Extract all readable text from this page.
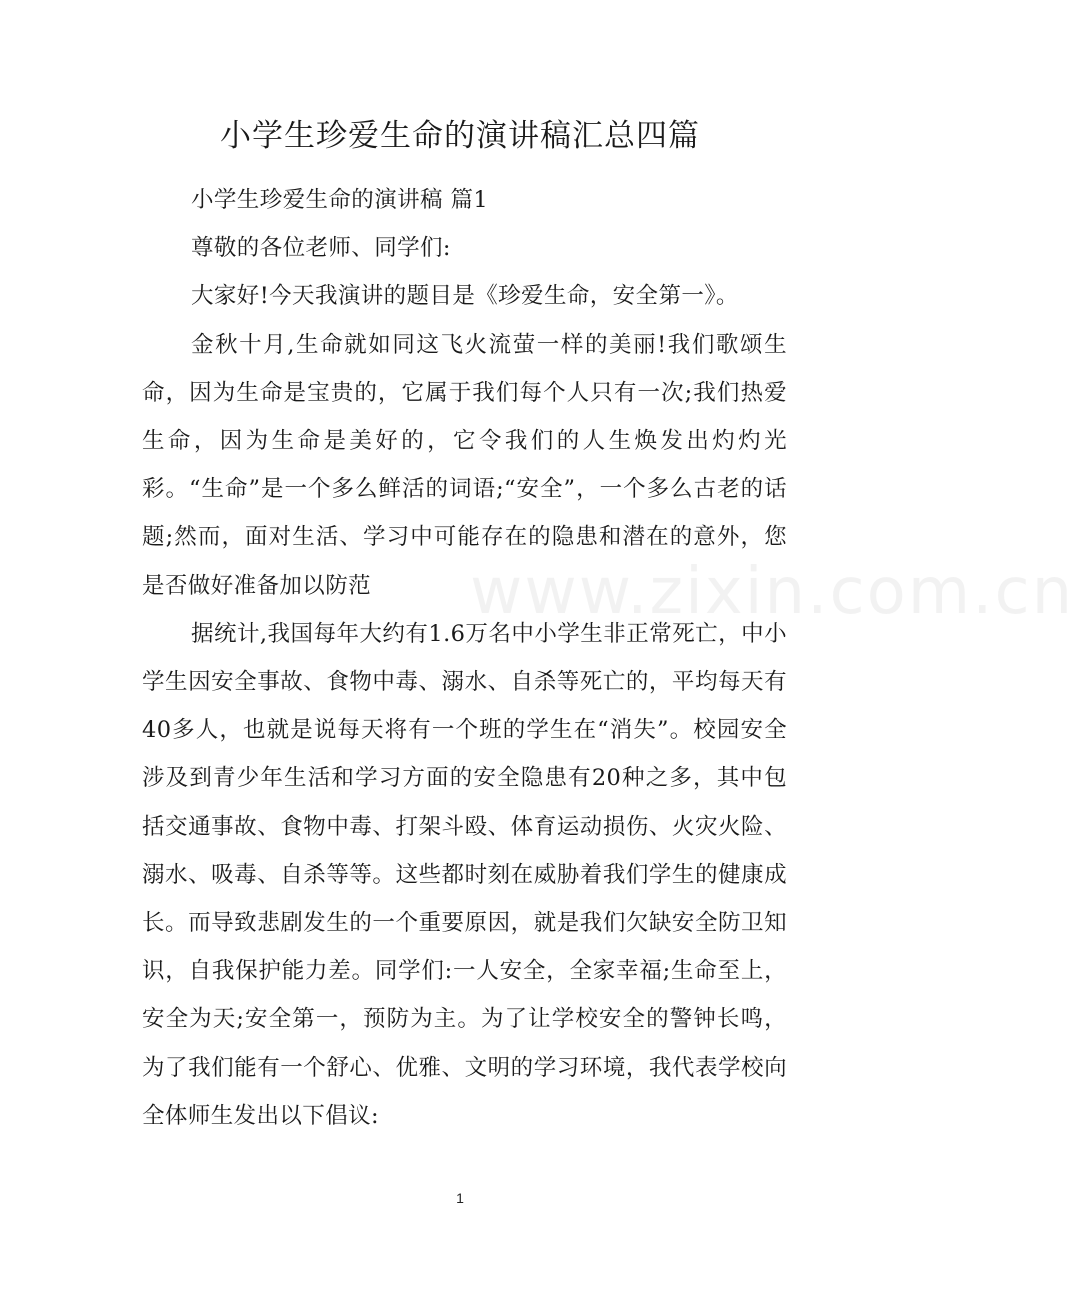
小学生珍爱生命的演讲稿汇总四篇

小学生珍爱生命的演讲稿 篇1

尊敬的各位老师、同学们:

大家好!今天我演讲的题目是《珍爱生命，安全第一》。

金秋十月,生命就如同这飞火流萤一样的美丽!我们歌颂生命，因为生命是宝贵的，它属于我们每个人只有一次;我们热爱生命，因为生命是美好的，它令我们的人生焕发出灼灼光彩。“生命”是一个多么鲜活的词语;“安全”，一个多么古老的话题;然而，面对生活、学习中可能存在的隐患和潜在的意外，您是否做好准备加以防范

据统计,我国每年大约有1.6万名中小学生非正常死亡，中小学生因安全事故、食物中毒、溺水、自杀等死亡的，平均每天有40多人，也就是说每天将有一个班的学生在“消失”。校园安全涉及到青少年生活和学习方面的安全隐患有20种之多，其中包括交通事故、食物中毒、打架斗殴、体育运动损伤、火灾火险、溺水、吸毒、自杀等等。这些都时刻在威胁着我们学生的健康成长。而导致悲剧发生的一个重要原因，就是我们欠缺安全防卫知识，自我保护能力差。同学们:一人安全，全家幸福;生命至上，安全为天;安全第一，预防为主。为了让学校安全的警钟长鸣，为了我们能有一个舒心、优雅、文明的学习环境，我代表学校向全体师生发出以下倡议:

www.zixin.com.cn
1
